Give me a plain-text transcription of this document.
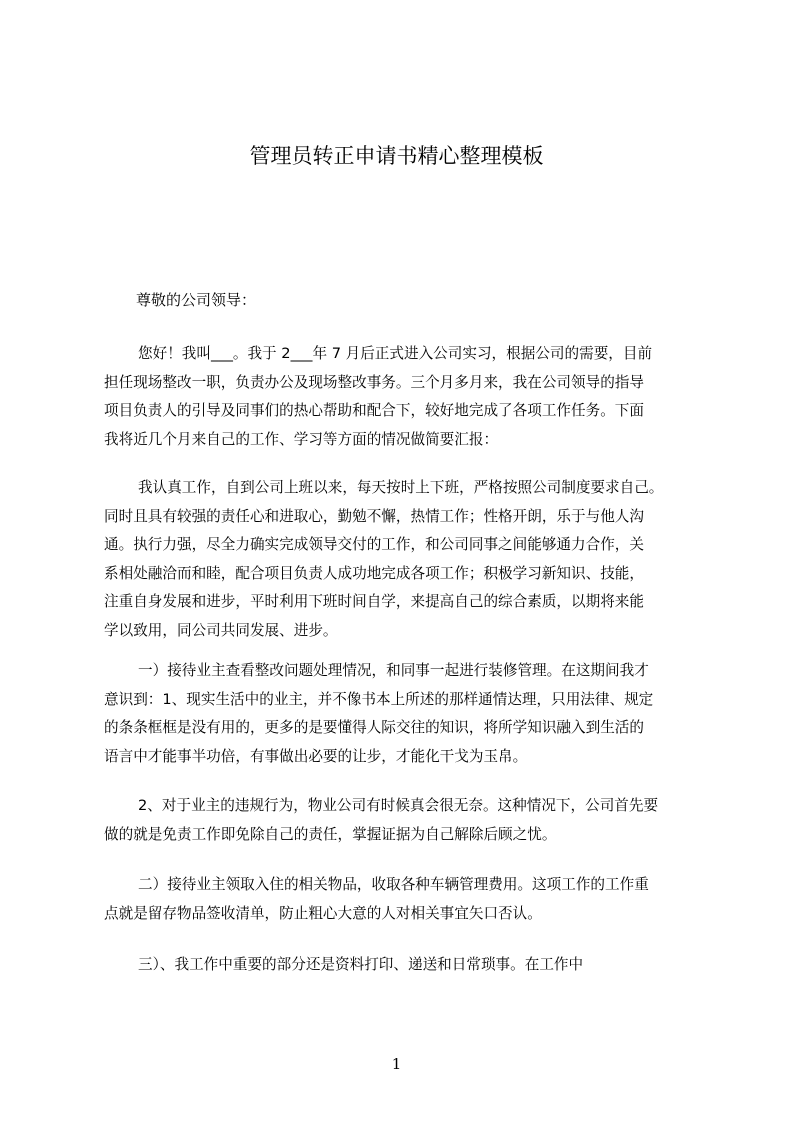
管理员转正申请书精心整理模板

尊敬的公司领导：

您好！我叫___。我于 2___年 7 月后正式进入公司实习，根据公司的需要，目前
担任现场整改一职，负责办公及现场整改事务。三个月多月来，我在公司领导的指导
项目负责人的引导及同事们的热心帮助和配合下，较好地完成了各项工作任务。下面
我将近几个月来自己的工作、学习等方面的情况做简要汇报：
我认真工作，自到公司上班以来，每天按时上下班，严格按照公司制度要求自己。
同时且具有较强的责任心和进取心，勤勉不懈，热情工作；性格开朗，乐于与他人沟
通。执行力强，尽全力确实完成领导交付的工作，和公司同事之间能够通力合作，关
系相处融洽而和睦，配合项目负责人成功地完成各项工作；积极学习新知识、技能，
注重自身发展和进步，平时利用下班时间自学，来提高自己的综合素质，以期将来能
学以致用，同公司共同发展、进步。
一）接待业主查看整改问题处理情况，和同事一起进行装修管理。在这期间我才
意识到：1、现实生活中的业主，并不像书本上所述的那样通情达理，只用法律、规定
的条条框框是没有用的，更多的是要懂得人际交往的知识，将所学知识融入到生活的
语言中才能事半功倍，有事做出必要的让步，才能化干戈为玉帛。
2、对于业主的违规行为，物业公司有时候真会很无奈。这种情况下，公司首先要
做的就是免责工作即免除自己的责任，掌握证据为自己解除后顾之忧。
二）接待业主领取入住的相关物品，收取各种车辆管理费用。这项工作的工作重
点就是留存物品签收清单，防止粗心大意的人对相关事宜矢口否认。
三）、我工作中重要的部分还是资料打印、递送和日常琐事。在工作中
1
